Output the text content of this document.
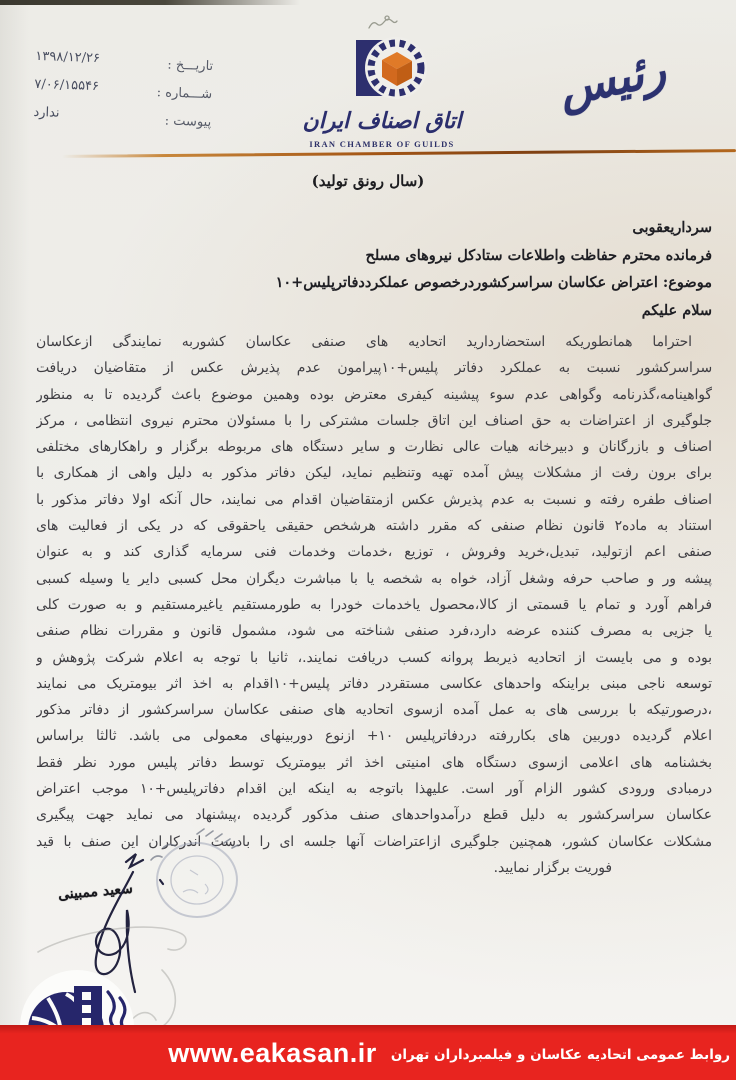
تاریـــخ :
۱۳۹۸/۱۲/۲۶
شـــماره :
۷/۰۶/۱۵۵۴۶
پیوست :
ندارد	اتاق اصناف ایران
IRAN CHAMBER OF GUILDS
رئیس
(سال رونق تولید)
سرداریعقوبی
فرمانده محترم حفاظت واطلاعات ستادکل نیروهای مسلح
موضوع: اعتراض عکاسان سراسرکشوردرخصوص عملکرددفاترپلیس+۱۰
سلام علیکم
احتراما همانطوریکه استحضاردارید اتحادیه های صنفی عکاسان کشوربه نمایندگی ازعکاسان
سراسرکشور نسبت به عملکرد دفاتر پلیس+۱۰پیرامون عدم پذیرش عکس از متقاضیان دریافت
گواهینامه،گذرنامه وگواهی عدم سوء پیشینه کیفری معترض بوده وهمین موضوع باعث گردیده تا به منظور
جلوگیری از اعتراضات به حق اصناف این اتاق جلسات مشترکی را با مسئولان محترم نیروی انتظامی ، مرکز
اصناف و بازرگانان و دبیرخانه هیات عالی نظارت و سایر دستگاه های مربوطه برگزار و راهکارهای مختلفی
برای برون رفت از مشکلات پیش آمده تهیه وتنظیم نماید، لیکن دفاتر مذکور به دلیل واهی از همکاری با
اصناف طفره رفته و نسبت به عدم پذیرش عکس ازمتقاضیان اقدام می نمایند، حال آنکه اولا دفاتر مذکور با
استناد به ماده۲ قانون نظام صنفی که مقرر داشته هرشخص حقیقی یاحقوقی که در یکی از فعالیت های
صنفی اعم ازتولید، تبدیل،خرید وفروش ، توزیع ،خدمات وخدمات فنی سرمایه گذاری کند و به عنوان
پیشه ور و صاحب حرفه وشغل آزاد، خواه به شخصه یا با مباشرت دیگران محل کسبی دایر یا وسیله کسبی
فراهم آورد و تمام یا قسمتی از کالا،محصول یاخدمات خودرا به طورمستقیم یاغیرمستقیم و به صورت کلی
یا جزیی به مصرف کننده عرضه دارد،فرد صنفی شناخته می شود، مشمول قانون و مقررات نظام صنفی
بوده و می بایست از اتحادیه ذیربط پروانه کسب دریافت نمایند.، ثانیا با توجه به اعلام شرکت پژوهش و
توسعه ناجی مبنی براینکه واحدهای عکاسی مستقردر دفاتر پلیس+۱۰اقدام به اخذ اثر بیومتریک می نمایند
،درصورتیکه با بررسی های به عمل آمده ازسوی اتحادیه های صنفی عکاسان سراسرکشور از دفاتر مذکور
اعلام گردیده دوربین های بکاررفته دردفاترپلیس ۱۰+ ازنوع دوربینهای معمولی می باشد. ثالثا براساس
بخشنامه های اعلامی ازسوی دستگاه های امنیتی اخذ اثر بیومتریک توسط دفاتر پلیس مورد نظر فقط
درمبادی ورودی کشور الزام آور است. علیهذا باتوجه به اینکه این اقدام دفاترپلیس+۱۰ موجب اعتراض
عکاسان سراسرکشور به دلیل قطع درآمدواحدهای صنف مذکور گردیده ،پیشنهاد می نماید جهت پیگیری
مشکلات عکاسان کشور، همچنین جلوگیری ازاعتراضات آنها جلسه ای را بادست اندرکاران این صنف با قید
فوریت برگزار نمایید.
سعید ممبینی
www.eakasan.ir روابط عمومی اتحادیه عکاسان و فیلمبرداران تهران
